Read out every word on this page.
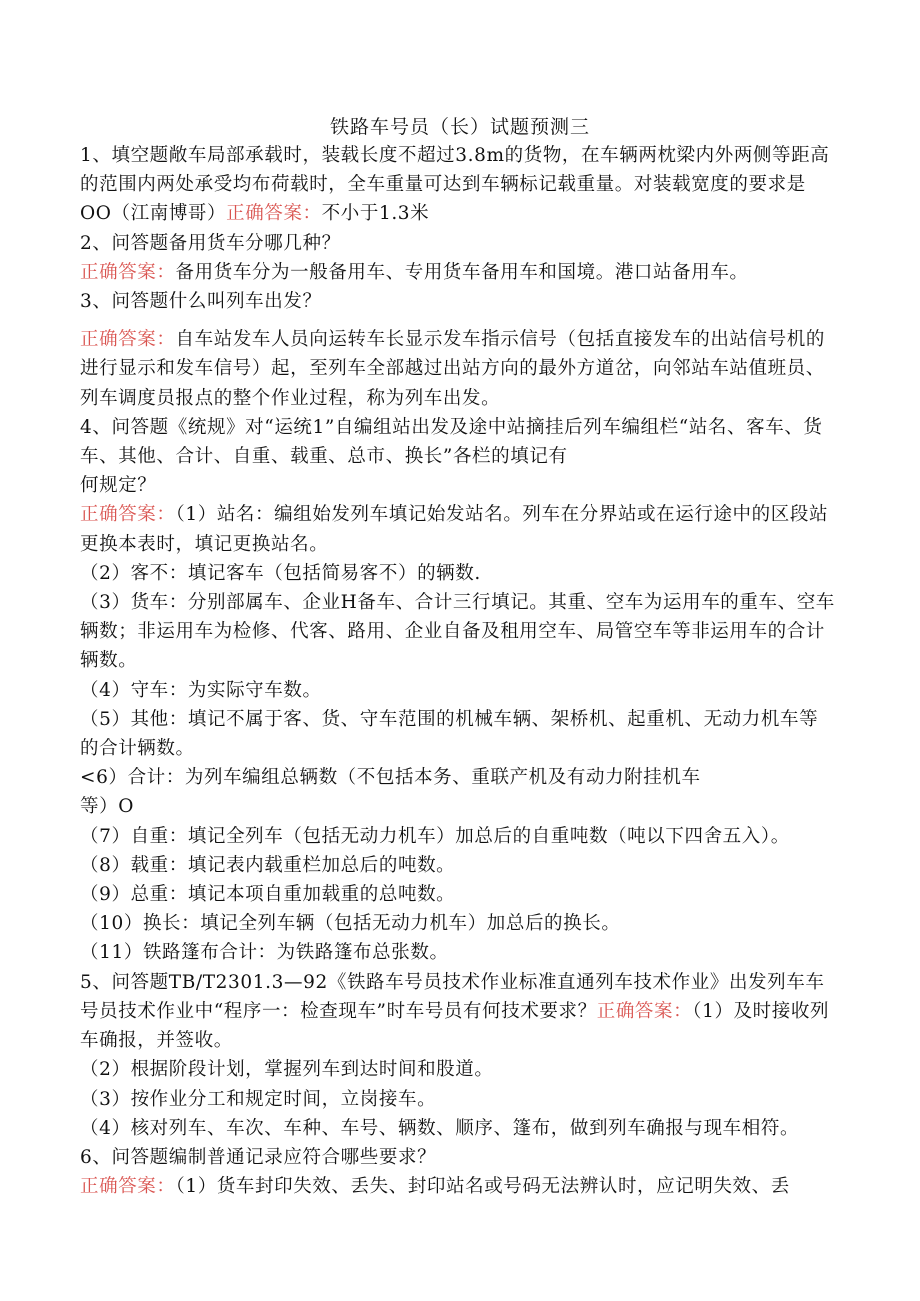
铁路车号员（长）试题预测三

1、填空题敞车局部承载时，装载长度不超过3.8m的货物，在车辆两枕梁内外两侧等距高的范围内两处承受均布荷载时，全车重量可达到车辆标记载重量。对装载宽度的要求是OO（江南博哥）正确答案：不小于1.3米

2、问答题备用货车分哪几种？

正确答案：备用货车分为一般备用车、专用货车备用车和国境。港口站备用车。

3、问答题什么叫列车出发？

正确答案：自车站发车人员向运转车长显示发车指示信号（包括直接发车的出站信号机的进行显示和发车信号）起，至列车全部越过出站方向的最外方道岔，向邻站车站值班员、列车调度员报点的整个作业过程，称为列车出发。

4、问答题《统规》对“运统1”自编组站出发及途中站摘挂后列车编组栏“站名、客车、货车、其他、合计、自重、载重、总市、换长”各栏的填记有

何规定？

正确答案：（1）站名：编组始发列车填记始发站名。列车在分界站或在运行途中的区段站更换本表时，填记更换站名。

（2）客不：填记客车（包括简易客不）的辆数.

（3）货车：分别部属车、企业H备车、合计三行填记。其重、空车为运用车的重车、空车辆数；非运用车为检修、代客、路用、企业自备及租用空车、局管空车等非运用车的合计辆数。

（4）守车：为实际守车数。

（5）其他：填记不属于客、货、守车范围的机械车辆、架桥机、起重机、无动力机车等的合计辆数。

<6）合计：为列车编组总辆数（不包括本务、重联产机及有动力附挂机车

等）O

（7）自重：填记全列车（包括无动力机车）加总后的自重吨数（吨以下四舍五入）。

（8）载重：填记表内载重栏加总后的吨数。

（9）总重：填记本项自重加载重的总吨数。

（10）换长：填记全列车辆（包括无动力机车）加总后的换长。

（11）铁路篷布合计：为铁路篷布总张数。

5、问答题TB/T2301.3—92《铁路车号员技术作业标准直通列车技术作业》出发列车车号员技术作业中“程序一：检查现车”时车号员有何技术要求？正确答案：（1）及时接收列车确报，并签收。

（2）根据阶段计划，掌握列车到达时间和股道。

（3）按作业分工和规定时间，立岗接车。

（4）核对列车、车次、车种、车号、辆数、顺序、篷布，做到列车确报与现车相符。

6、问答题编制普通记录应符合哪些要求？

正确答案：（1）货车封印失效、丢失、封印站名或号码无法辨认时，应记明失效、丢
